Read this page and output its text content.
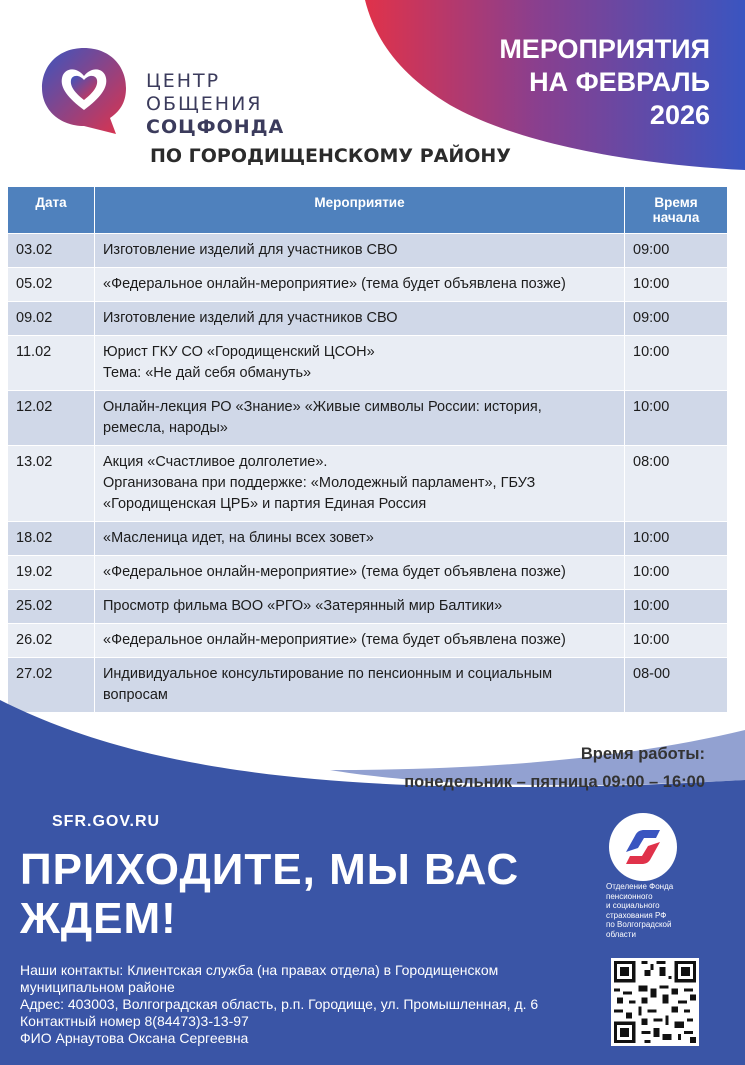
ЦЕНТР
ОБЩЕНИЯ
СОЦФОНДА
ПО ГОРОДИЩЕНСКОМУ РАЙОНУ
МЕРОПРИЯТИЯ
НА ФЕВРАЛЬ
2026
Дата	Мероприятие	Время
начала

03.02	Изготовление изделий для участников СВО	09:00
05.02	«Федеральное онлайн-мероприятие» (тема будет объявлена позже)	10:00
09.02	Изготовление изделий для участников СВО	09:00
11.02	Юрист ГКУ СО «Городищенский ЦСОН»
Тема: «Не дай себя обмануть»	10:00
12.02	Онлайн-лекция РО «Знание» «Живые символы России: история,
ремесла, народы»	10:00
13.02	Акция «Счастливое долголетие».
Организована при поддержке: «Молодежный парламент», ГБУЗ
«Городищенская ЦРБ» и партия Единая Россия	08:00
18.02	«Масленица идет, на блины всех зовет»	10:00
19.02	«Федеральное онлайн-мероприятие» (тема будет объявлена позже)	10:00
25.02	Просмотр фильма ВОО «РГО» «Затерянный мир Балтики»	10:00
26.02	«Федеральное онлайн-мероприятие» (тема будет объявлена позже)	10:00
27.02	Индивидуальное консультирование по пенсионным и социальным
вопросам	08-00
Время работы:
понедельник – пятница 09:00 – 16:00
SFR.GOV.RU
ПРИХОДИТЕ, МЫ ВАС
ЖДЕМ!
Отделение Фонда
пенсионного
и социального
страхования РФ
по Волгоградской
области
Наши контакты: Клиентская служба (на правах отдела) в Городищенском
муниципальном районе
Адрес: 403003, Волгоградская область, р.п. Городище, ул. Промышленная, д. 6
Контактный номер 8(84473)3-13-97
ФИО Арнаутова Оксана Сергеевна
